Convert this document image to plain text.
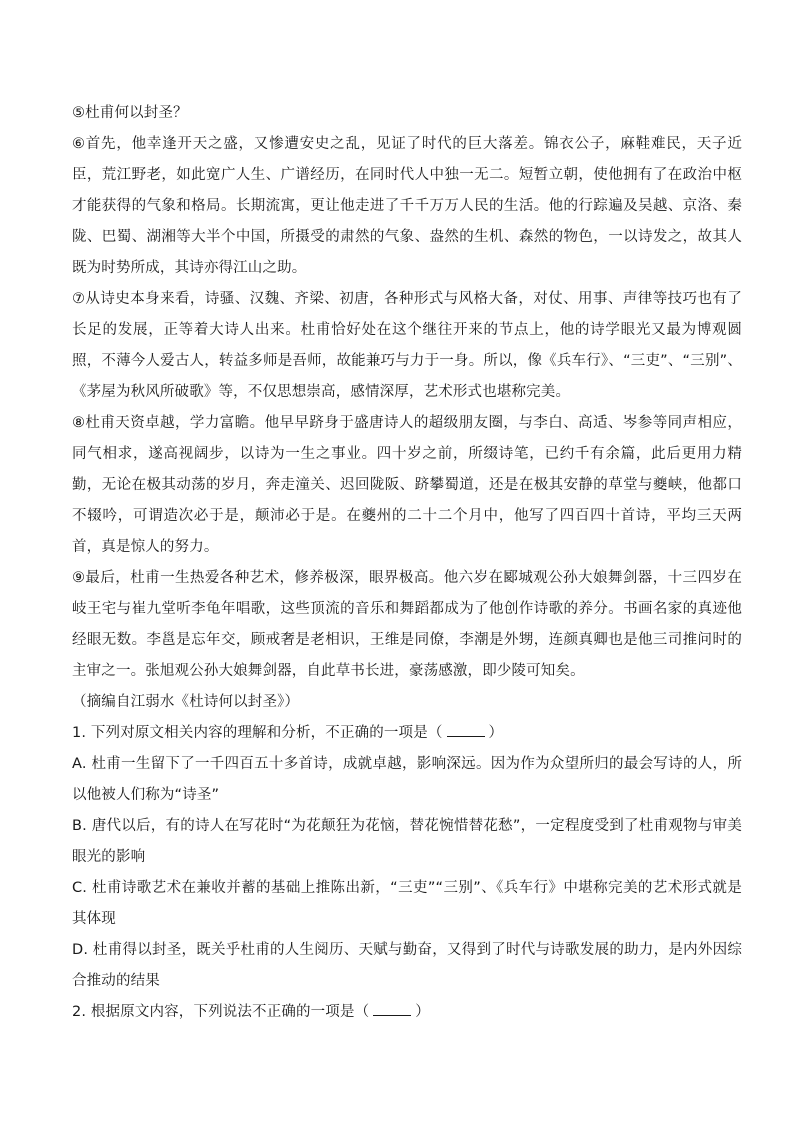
⑤杜甫何以封圣？

⑥首先，他幸逢开天之盛，又惨遭安史之乱，见证了时代的巨大落差。锦衣公子，麻鞋难民，天子近臣，荒江野老，如此宽广人生、广谱经历，在同时代人中独一无二。短暂立朝，使他拥有了在政治中枢才能获得的气象和格局。长期流寓，更让他走进了千千万万人民的生活。他的行踪遍及吴越、京洛、秦陇、巴蜀、湖湘等大半个中国，所摄受的肃然的气象、盎然的生机、森然的物色，一以诗发之，故其人既为时势所成，其诗亦得江山之助。

⑦从诗史本身来看，诗骚、汉魏、齐梁、初唐，各种形式与风格大备，对仗、用事、声律等技巧也有了长足的发展，正等着大诗人出来。杜甫恰好处在这个继往开来的节点上，他的诗学眼光又最为博观圆照，不薄今人爱古人，转益多师是吾师，故能兼巧与力于一身。所以，像《兵车行》、“三吏”、“三别”、《茅屋为秋风所破歌》等，不仅思想崇高，感情深厚，艺术形式也堪称完美。

⑧杜甫天资卓越，学力富瞻。他早早跻身于盛唐诗人的超级朋友圈，与李白、高适、岑参等同声相应，同气相求，遂高视阔步，以诗为一生之事业。四十岁之前，所缀诗笔，已约千有余篇，此后更用力精勤，无论在极其动荡的岁月，奔走潼关、迟回陇阪、跻攀蜀道，还是在极其安静的草堂与夔峡，他都口不辍吟，可谓造次必于是，颠沛必于是。在夔州的二十二个月中，他写了四百四十首诗，平均三天两首，真是惊人的努力。

⑨最后，杜甫一生热爱各种艺术，修养极深，眼界极高。他六岁在郾城观公孙大娘舞剑器，十三四岁在岐王宅与崔九堂听李龟年唱歌，这些顶流的音乐和舞蹈都成为了他创作诗歌的养分。书画名家的真迹他经眼无数。李邕是忘年交，顾戒奢是老相识，王维是同僚，李潮是外甥，连颜真卿也是他三司推问时的主审之一。张旭观公孙大娘舞剑器，自此草书长进，豪荡感激，即少陵可知矣。

（摘编自江弱水《杜诗何以封圣》）

1. 下列对原文相关内容的理解和分析，不正确的一项是（	）

A. 杜甫一生留下了一千四百五十多首诗，成就卓越，影响深远。因为作为众望所归的最会写诗的人，所以他被人们称为“诗圣”

B. 唐代以后，有的诗人在写花时“为花颠狂为花恼，替花惋惜替花愁”，一定程度受到了杜甫观物与审美眼光的影响

C. 杜甫诗歌艺术在兼收并蓄的基础上推陈出新，“三吏”“三别”、《兵车行》中堪称完美的艺术形式就是其体现

D. 杜甫得以封圣，既关乎杜甫的人生阅历、天赋与勤奋，又得到了时代与诗歌发展的助力，是内外因综合推动的结果

2. 根据原文内容，下列说法不正确的一项是（	）
